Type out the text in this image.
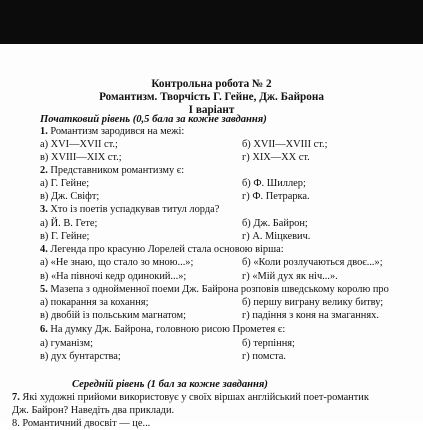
Контрольна робота № 2
Романтизм. Творчість Г. Гейне, Дж. Байрона
І варіант
Початковий рівень (0,5 бала за кожне завдання)
1. Романтизм зародився на межі:
а) XVI—XVII ст.;	б) XVII—XVIII ст.;
в) XVIII—XIX ст.;	г) XIX—XX ст.
2. Представником романтизму є:
а) Г. Гейне;	б) Ф. Шиллер;
в) Дж. Свіфт;	г) Ф. Петрарка.
3. Хто із поетів успадкував титул лорда?
а) Й. В. Гете;	б) Дж. Байрон;
в) Г. Гейне;	г) А. Міцкевич.
4. Легенда про красуню Лорелей стала основою вірша:
а) «Не знаю, що стало зо мною...»;	б) «Коли розлучаються двоє...»;
в) «На півночі кедр одинокий...»;	г) «Мій дух як ніч...».
5. Мазепа з однойменної поеми Дж. Байрона розповів шведському королю про
а) покарання за кохання;	б) першу виграну велику битву;
в) двобій із польським магнатом;	г) падіння з коня на змаганнях.
6. На думку Дж. Байрона, головною рисою Прометея є:
а) гуманізм;	б) терпіння;
в) дух бунтарства;	г) помста.
Середній рівень (1 бал за кожне завдання)
7. Які художні прийоми використовує у своїх віршах англійський поет-романтик
Дж. Байрон? Наведіть два приклади.
8. Романтичний двосвіт — це...
